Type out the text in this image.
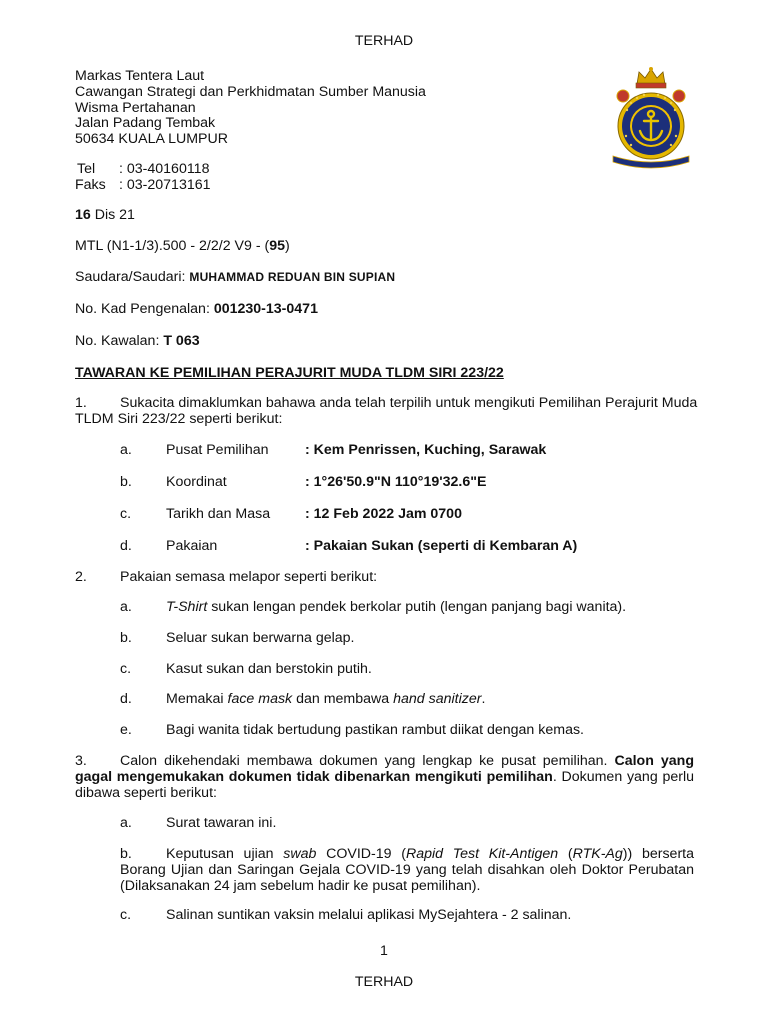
TERHAD
Markas Tentera Laut
Cawangan Strategi dan Perkhidmatan Sumber Manusia
Wisma Pertahanan
Jalan Padang Tembak
50634 KUALA LUMPUR
Tel : 03-40160118
Faks : 03-20713161
16 Dis 21
MTL (N1-1/3).500 - 2/2/2 V9 - (95)
Saudara/Saudari: MUHAMMAD REDUAN BIN SUPIAN
No. Kad Pengenalan: 001230-13-0471
No. Kawalan: T 063
TAWARAN KE PEMILIHAN PERAJURIT MUDA TLDM SIRI 223/22
1. Sukacita dimaklumkan bahawa anda telah terpilih untuk mengikuti Pemilihan Perajurit Muda
TLDM Siri 223/22 seperti berikut:
a. Pusat Pemilihan	: Kem Penrissen, Kuching, Sarawak
b. Koordinat	: 1°26'50.9"N 110°19'32.6"E
c. Tarikh dan Masa : 12 Feb 2022 Jam 0700
d. Pakaian	: Pakaian Sukan (seperti di Kembaran A)
2. Pakaian semasa melapor seperti berikut:
a. T-Shirt sukan lengan pendek berkolar putih (lengan panjang bagi wanita).
b. Seluar sukan berwarna gelap.
c. Kasut sukan dan berstokin putih.
d. Memakai face mask dan membawa hand sanitizer.
e. Bagi wanita tidak bertudung pastikan rambut diikat dengan kemas.
3. Calon dikehendaki membawa dokumen yang lengkap ke pusat pemilihan. Calon yang gagal mengemukakan dokumen tidak dibenarkan mengikuti pemilihan. Dokumen yang perlu dibawa seperti berikut:
a. Surat tawaran ini.
b. Keputusan ujian swab COVID-19 (Rapid Test Kit-Antigen (RTK-Ag)) berserta Borang Ujian dan Saringan Gejala COVID-19 yang telah disahkan oleh Doktor Perubatan (Dilaksanakan 24 jam sebelum hadir ke pusat pemilihan).
c. Salinan suntikan vaksin melalui aplikasi MySejahtera - 2 salinan.
1
TERHAD
